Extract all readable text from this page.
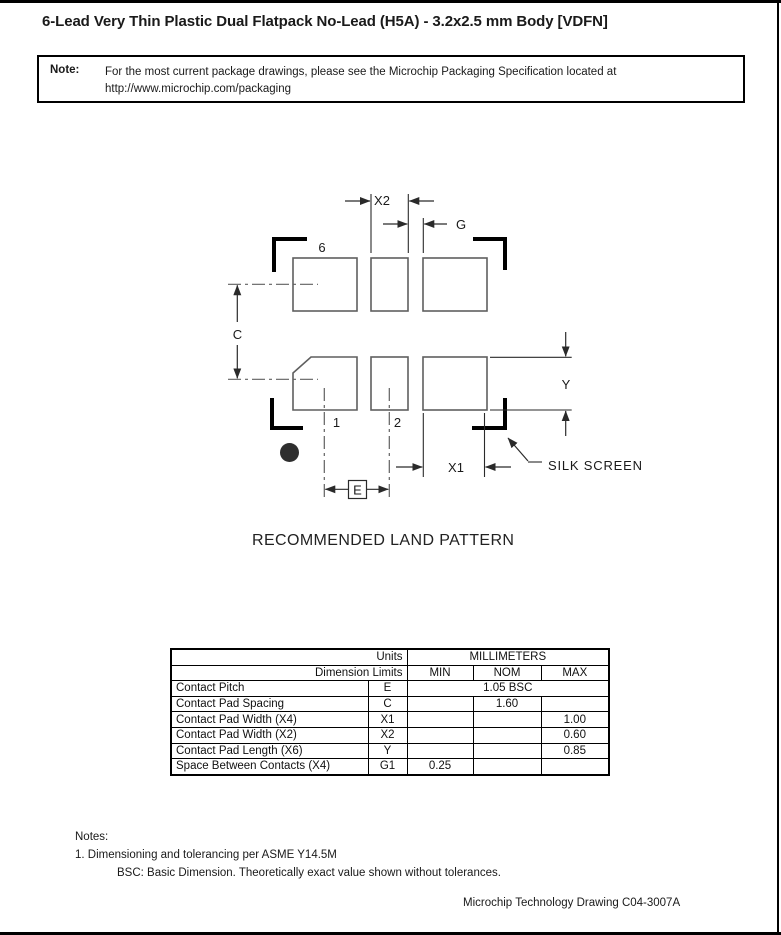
6-Lead Very Thin Plastic Dual Flatpack No-Lead (H5A) - 3.2x2.5 mm Body [VDFN]
Note: For the most current package drawings, please see the Microchip Packaging Specification located at
http://www.microchip.com/packaging
X2
G
C
6
Y
1	2
X1
E
SILK SCREEN
RECOMMENDED LAND PATTERN
Units		MILLIMETERS		
Dimension Limits		MIN	NOM	MAX
Contact Pitch	E	1.05 BSC		
Contact Pad Spacing	C		1.60	
Contact Pad Width (X4)	X1			1.00
Contact Pad Width (X2)	X2			0.60
Contact Pad Length (X6)	Y			0.85
Space Between Contacts (X4)	G1	0.25		
Notes:
1. Dimensioning and tolerancing per ASME Y14.5M
BSC: Basic Dimension. Theoretically exact value shown without tolerances.
Microchip Technology Drawing C04-3007A
